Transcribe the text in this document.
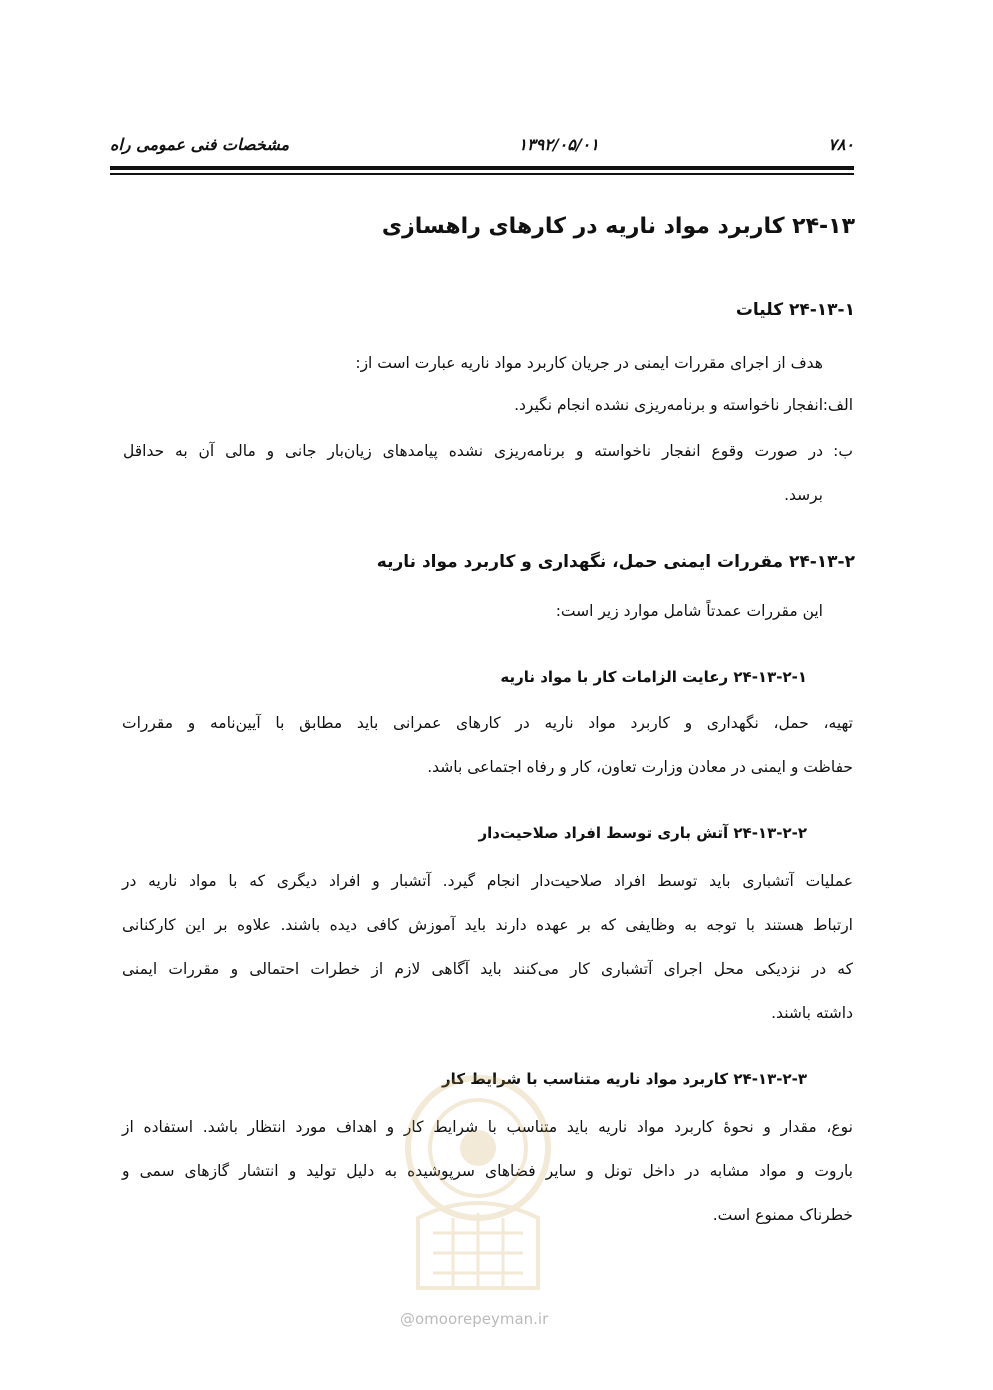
۷۸۰
۱۳۹۲/۰۵/۰۱
مشخصات فنی عمومی راه
۲۴-۱۳ کاربرد مواد ناریه در کارهای راهسازی
۲۴-۱۳-۱ کلیات
هدف از اجرای مقررات ایمنی در جریان کاربرد مواد ناریه عبارت است از:
الف:
انفجار ناخواسته و برنامه‌ریزی نشده انجام نگیرد.
ب:
در صورت وقوع انفجار ناخواسته و برنامه‌ریزی نشده پیامدهای زیان‌بار جانی و مالی آن به حداقل
برسد.
۲۴-۱۳-۲ مقررات ایمنی حمل، نگهداری و کاربرد مواد ناریه
این مقررات عمدتاً شامل موارد زیر است:
۲۴-۱۳-۲-۱ رعایت الزامات کار با مواد ناریه
تهیه، حمل، نگهداری و کاربرد مواد ناریه در کارهای عمرانی باید مطابق با آیین‌نامه و مقررات
حفاظت و ایمنی در معادن وزارت تعاون، کار و رفاه اجتماعی باشد.
۲۴-۱۳-۲-۲ آتش باری توسط افراد صلاحیت‌دار
عملیات آتشباری باید توسط افراد صلاحیت‌دار انجام گیرد. آتشبار و افراد دیگری که با مواد ناریه در
ارتباط هستند با توجه به وظایفی که بر عهده دارند باید آموزش کافی دیده باشند. علاوه بر این کارکنانی
که در نزدیکی محل اجرای آتشباری کار می‌کنند باید آگاهی لازم از خطرات احتمالی و مقررات ایمنی
داشته باشند.
۲۴-۱۳-۲-۳ کاربرد مواد ناریه متناسب با شرایط کار
نوع، مقدار و نحوۀ کاربرد مواد ناریه باید متناسب با شرایط کار و اهداف مورد انتظار باشد. استفاده از
باروت و مواد مشابه در داخل تونل و سایر فضاهای سرپوشیده به دلیل تولید و انتشار گازهای سمی و
خطرناک ممنوع است.
@omoorepeyman.ir
